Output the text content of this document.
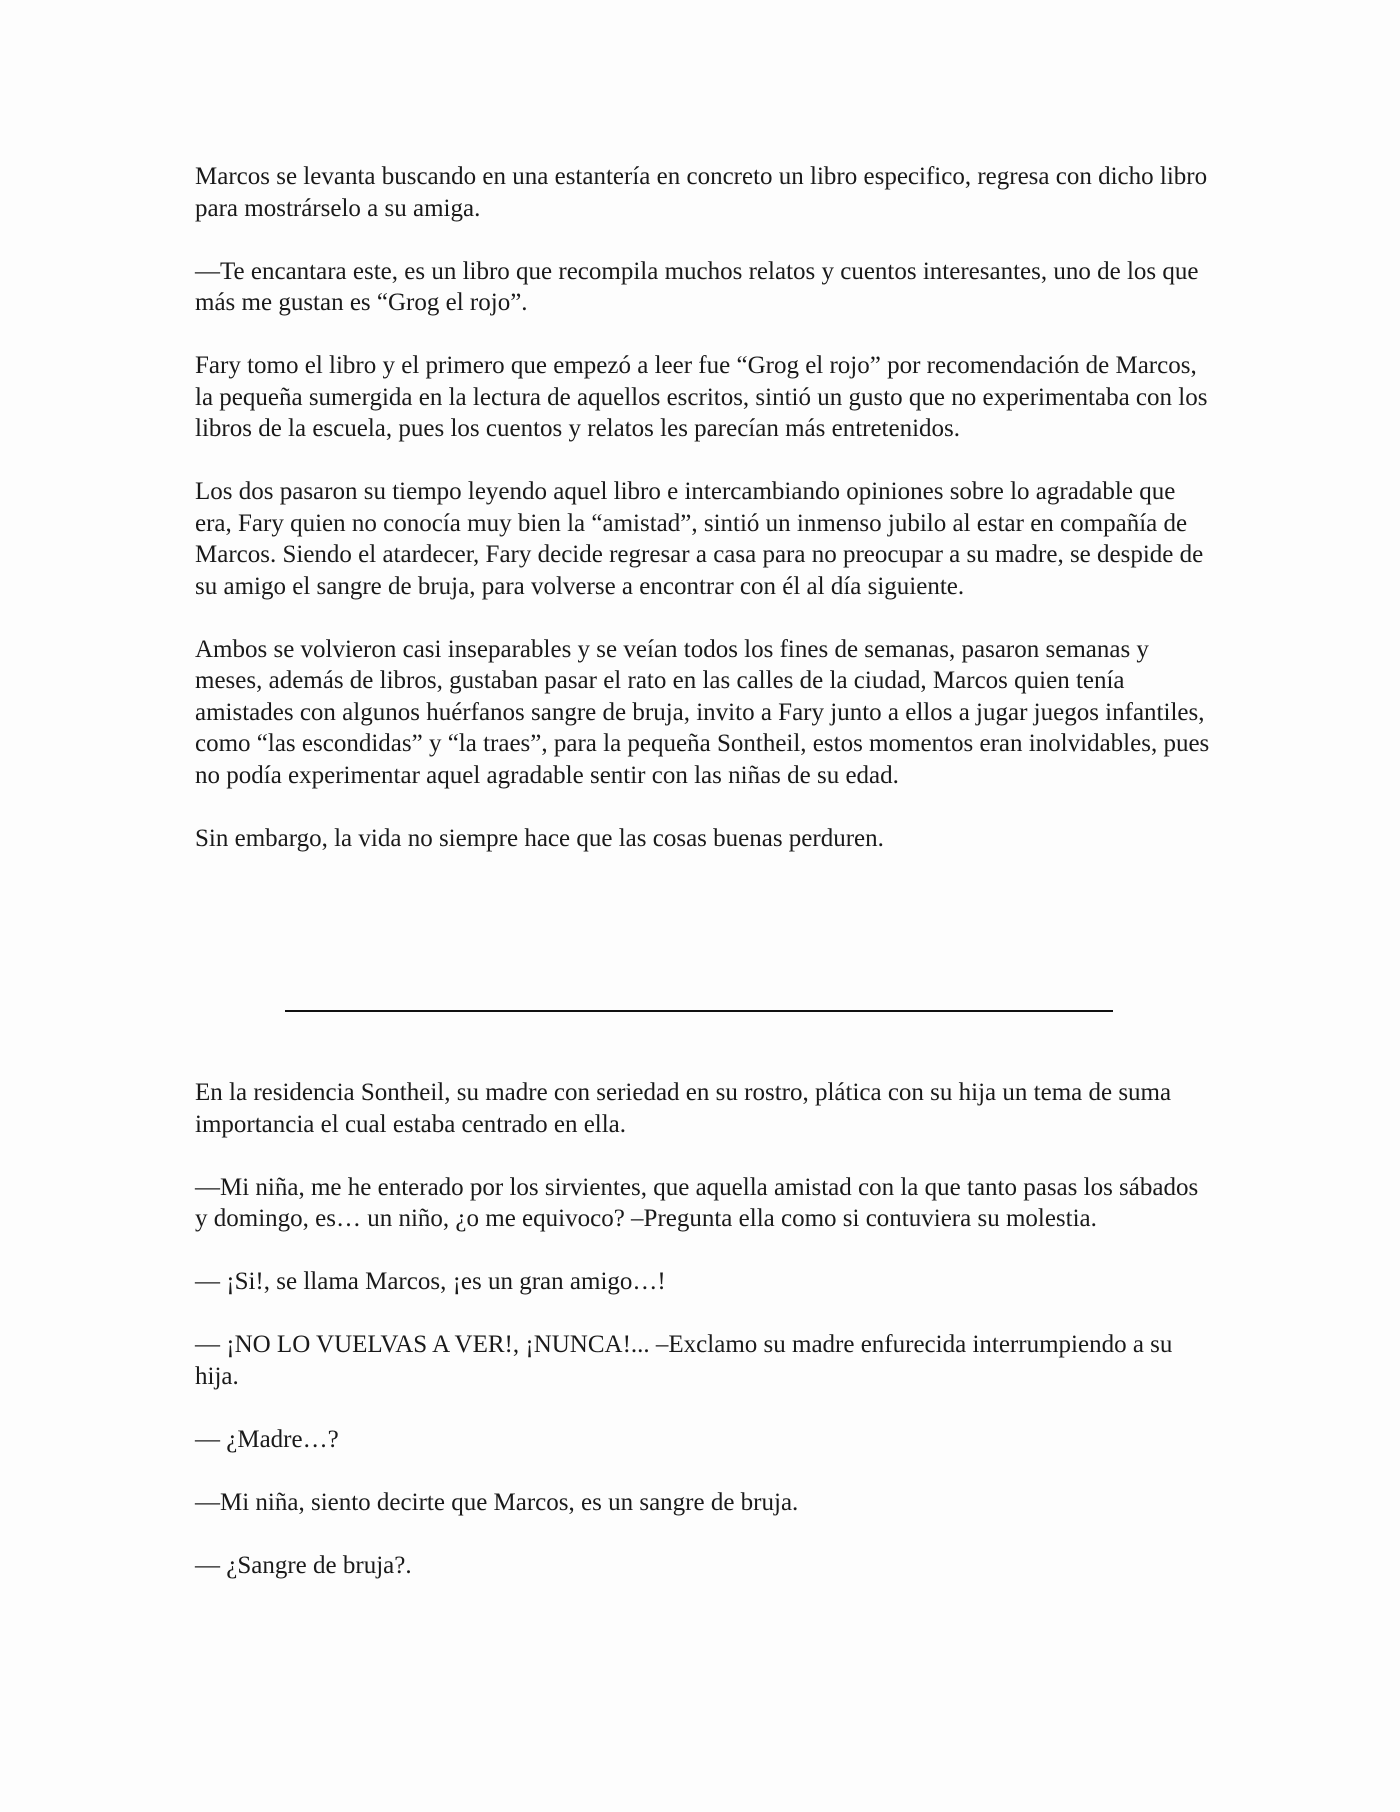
Marcos se levanta buscando en una estantería en concreto un libro especifico, regresa con dicho libro para mostrárselo a su amiga.

—Te encantara este, es un libro que recompila muchos relatos y cuentos interesantes, uno de los que más me gustan es “Grog el rojo”.

Fary tomo el libro y el primero que empezó a leer fue “Grog el rojo” por recomendación de Marcos, la pequeña sumergida en la lectura de aquellos escritos, sintió un gusto que no experimentaba con los libros de la escuela, pues los cuentos y relatos les parecían más entretenidos.

Los dos pasaron su tiempo leyendo aquel libro e intercambiando opiniones sobre lo agradable que era, Fary quien no conocía muy bien la “amistad”, sintió un inmenso jubilo al estar en compañía de Marcos. Siendo el atardecer, Fary decide regresar a casa para no preocupar a su madre, se despide de su amigo el sangre de bruja, para volverse a encontrar con él al día siguiente.

Ambos se volvieron casi inseparables y se veían todos los fines de semanas, pasaron semanas y meses, además de libros, gustaban pasar el rato en las calles de la ciudad, Marcos quien tenía amistades con algunos huérfanos sangre de bruja, invito a Fary junto a ellos a jugar juegos infantiles, como “las escondidas” y “la traes”, para la pequeña Sontheil, estos momentos eran inolvidables, pues no podía experimentar aquel agradable sentir con las niñas de su edad.

Sin embargo, la vida no siempre hace que las cosas buenas perduren.

En la residencia Sontheil, su madre con seriedad en su rostro, plática con su hija un tema de suma importancia el cual estaba centrado en ella.

—Mi niña, me he enterado por los sirvientes, que aquella amistad con la que tanto pasas los sábados y domingo, es… un niño, ¿o me equivoco? –Pregunta ella como si contuviera su molestia.

— ¡Si!, se llama Marcos, ¡es un gran amigo…!

— ¡NO LO VUELVAS A VER!, ¡NUNCA!... –Exclamo su madre enfurecida interrumpiendo a su hija.

— ¿Madre…?

—Mi niña, siento decirte que Marcos, es un sangre de bruja.

— ¿Sangre de bruja?.
